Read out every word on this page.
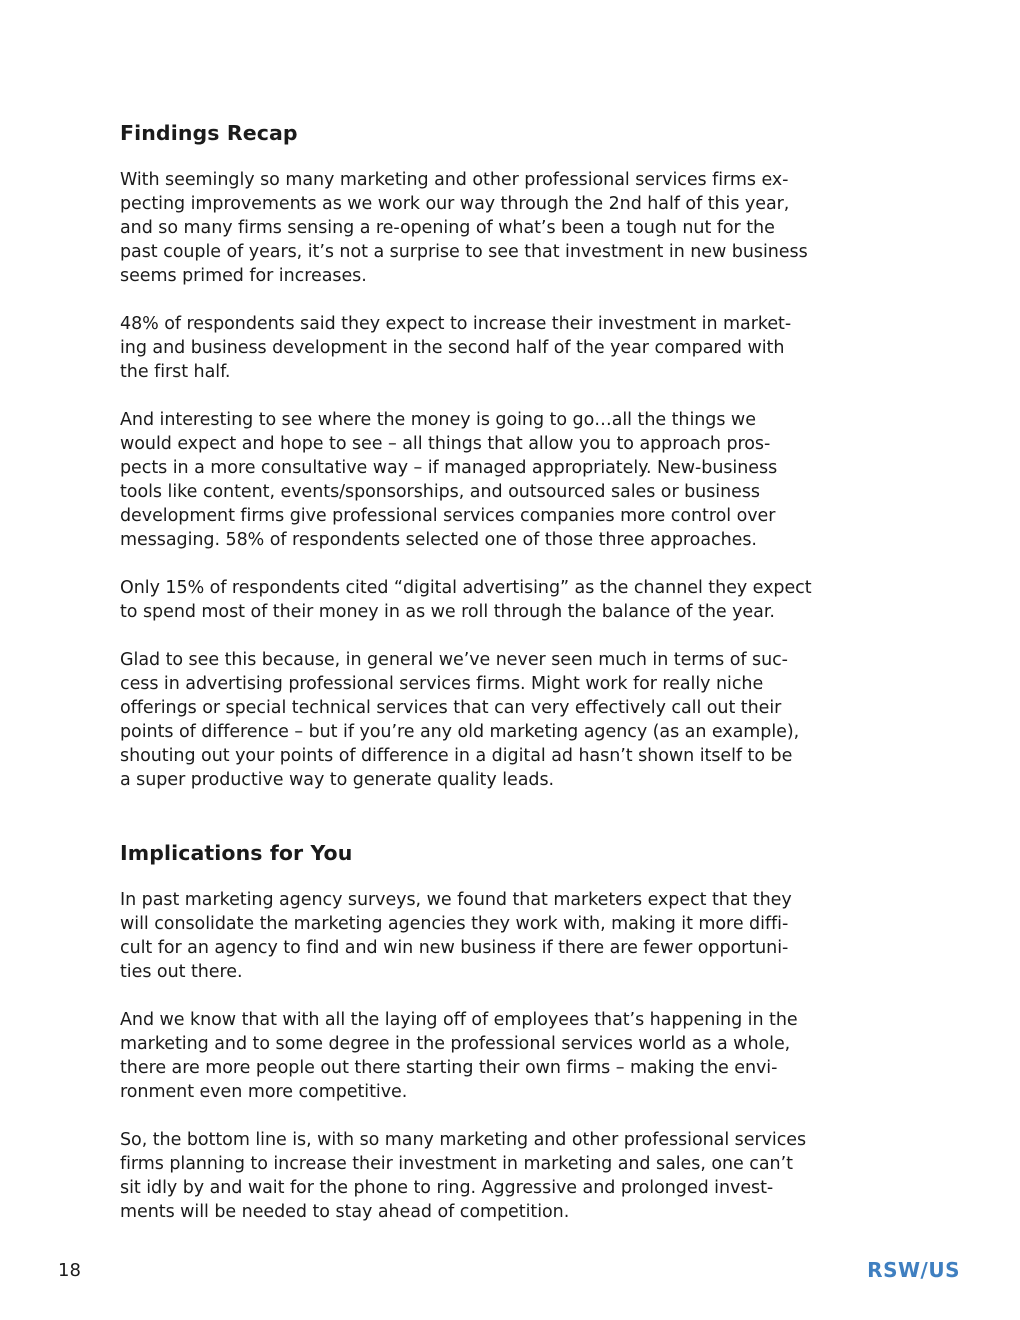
Findings Recap

With seemingly so many marketing and other professional services firms ex-
pecting improvements as we work our way through the 2nd half of this year,
and so many firms sensing a re-opening of what’s been a tough nut for the
past couple of years, it’s not a surprise to see that investment in new business
seems primed for increases.

48% of respondents said they expect to increase their investment in market-
ing and business development in the second half of the year compared with
the first half.

And interesting to see where the money is going to go…all the things we
would expect and hope to see – all things that allow you to approach pros-
pects in a more consultative way – if managed appropriately. New-business
tools like content, events/sponsorships, and outsourced sales or business
development firms give professional services companies more control over
messaging. 58% of respondents selected one of those three approaches.

Only 15% of respondents cited “digital advertising” as the channel they expect
to spend most of their money in as we roll through the balance of the year.

Glad to see this because, in general we’ve never seen much in terms of suc-
cess in advertising professional services firms. Might work for really niche
offerings or special technical services that can very effectively call out their
points of difference – but if you’re any old marketing agency (as an example),
shouting out your points of difference in a digital ad hasn’t shown itself to be
a super productive way to generate quality leads.

Implications for You

In past marketing agency surveys, we found that marketers expect that they
will consolidate the marketing agencies they work with, making it more diffi-
cult for an agency to find and win new business if there are fewer opportuni-
ties out there.

And we know that with all the laying off of employees that’s happening in the
marketing and to some degree in the professional services world as a whole,
there are more people out there starting their own firms – making the envi-
ronment even more competitive.

So, the bottom line is, with so many marketing and other professional services
firms planning to increase their investment in marketing and sales, one can’t
sit idly by and wait for the phone to ring. Aggressive and prolonged invest-
ments will be needed to stay ahead of competition.

18	RSW/US
